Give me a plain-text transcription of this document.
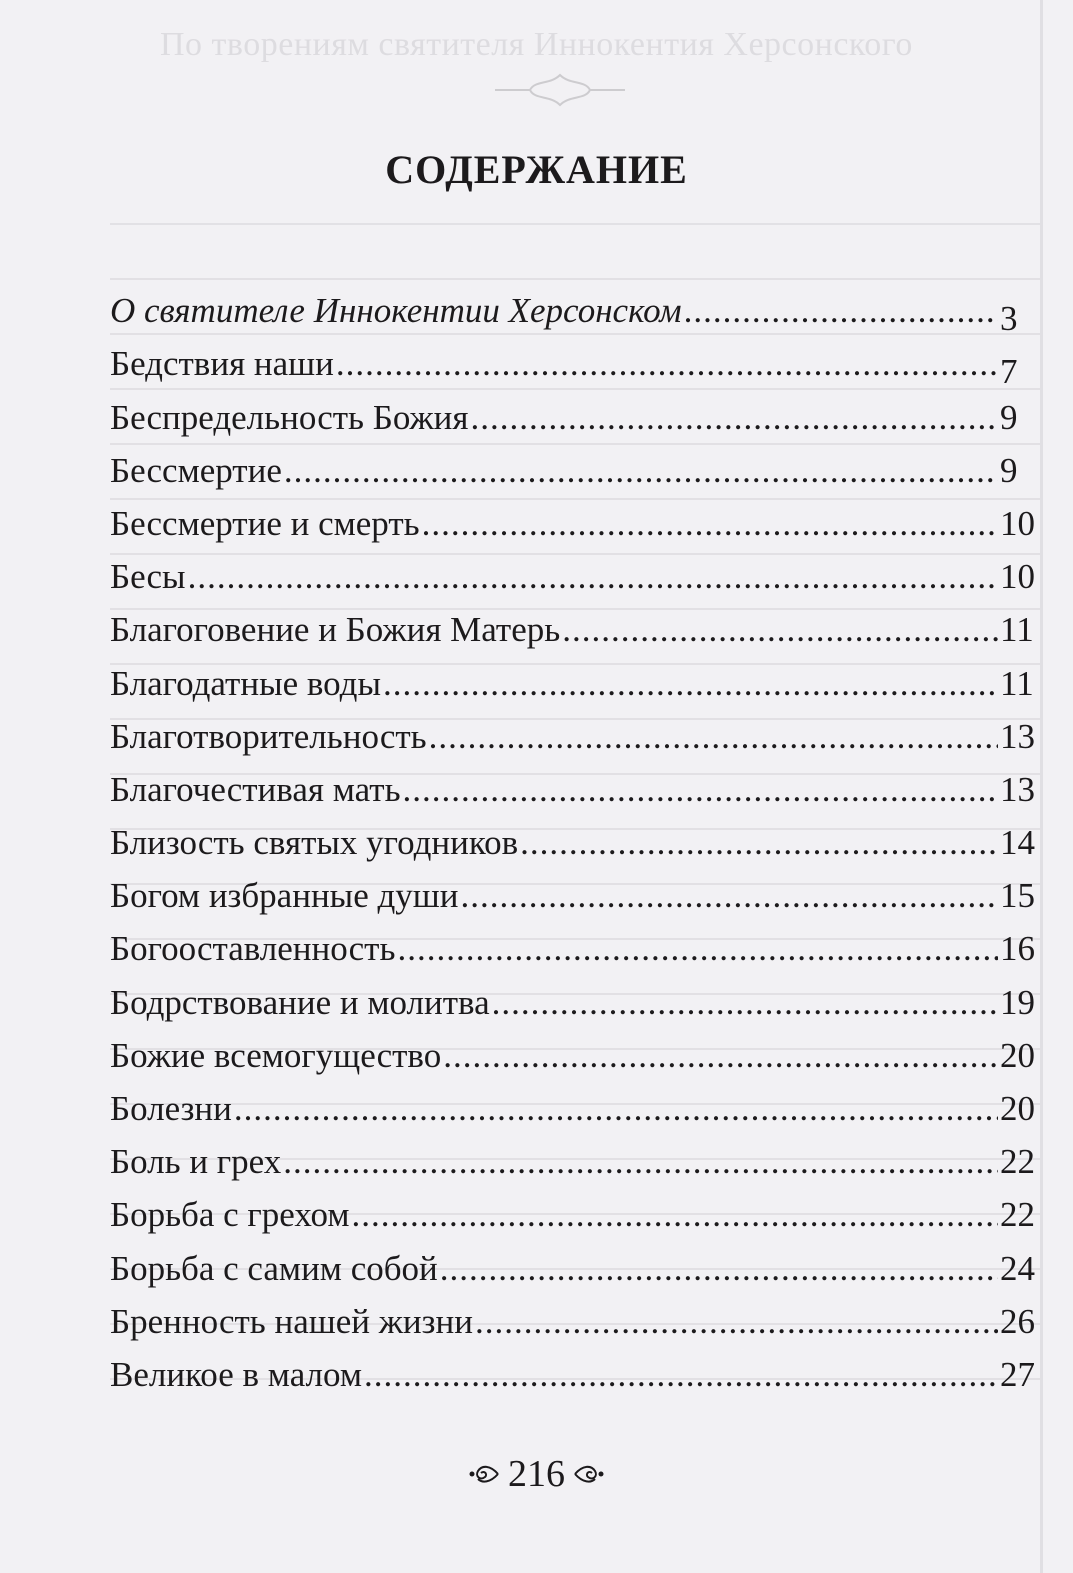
По творениям святителя Иннокентия Херсонского
СОДЕРЖАНИЕ
О святителе Иннокентии Херсонском .....	3
Бедствия наши .....	7
Беспредельность Божия .....	9
Бессмертие .....	9
Бессмертие и смерть .....	10
Бесы .....	10
Благоговение и Божия Матерь .....	11
Благодатные воды .....	11
Благотворительность .....	13
Благочестивая мать .....	13
Близость святых угодников .....	14
Богом избранные души .....	15
Богооставленность .....	16
Бодрствование и молитва .....	19
Божие всемогущество .....	20
Болезни .....	20
Боль и грех .....	22
Борьба с грехом .....	22
Борьба с самим собой .....	24
Бренность нашей жизни .....	26
Великое в малом .....	27
216
